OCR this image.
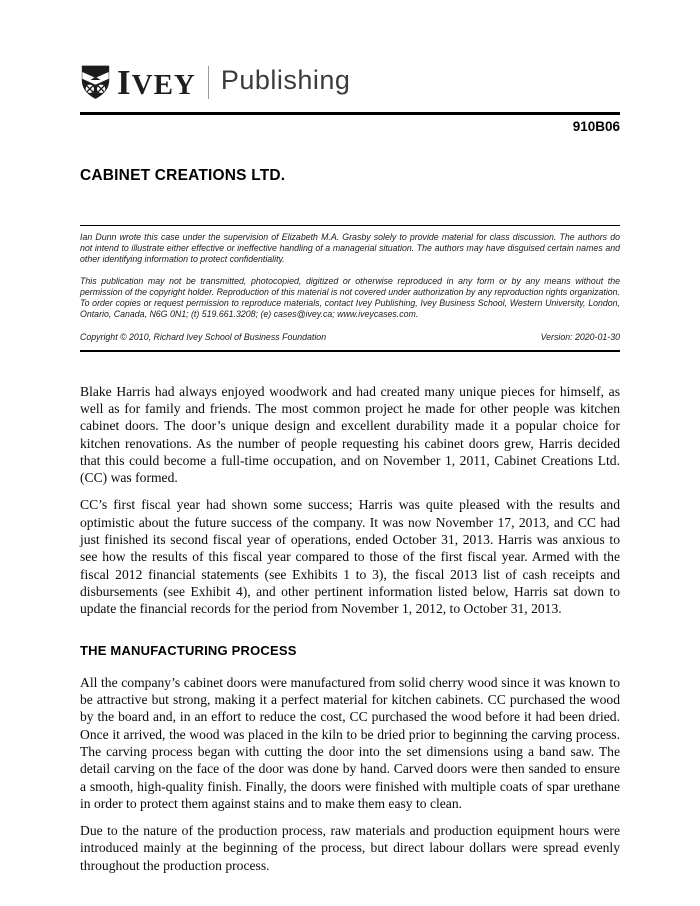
I VEY Publishing
910B06
CABINET CREATIONS LTD.

Ian Dunn wrote this case under the supervision of Elizabeth M.A. Grasby solely to provide material for class discussion. The authors do not intend to illustrate either effective or ineffective handling of a managerial situation. The authors may have disguised certain names and other identifying information to protect confidentiality.

This publication may not be transmitted, photocopied, digitized or otherwise reproduced in any form or by any means without the permission of the copyright holder. Reproduction of this material is not covered under authorization by any reproduction rights organization. To order copies or request permission to reproduce materials, contact Ivey Publishing, Ivey Business School, Western University, London, Ontario, Canada, N6G 0N1; (t) 519.661.3208; (e) cases@ivey.ca; www.iveycases.com.

Copyright © 2010, Richard Ivey School of Business Foundation	Version: 2020-01-30

Blake Harris had always enjoyed woodwork and had created many unique pieces for himself, as well as for family and friends. The most common project he made for other people was kitchen cabinet doors. The door’s unique design and excellent durability made it a popular choice for kitchen renovations. As the number of people requesting his cabinet doors grew, Harris decided that this could become a full-time occupation, and on November 1, 2011, Cabinet Creations Ltd. (CC) was formed.

CC’s first fiscal year had shown some success; Harris was quite pleased with the results and optimistic about the future success of the company. It was now November 17, 2013, and CC had just finished its second fiscal year of operations, ended October 31, 2013. Harris was anxious to see how the results of this fiscal year compared to those of the first fiscal year. Armed with the fiscal 2012 financial statements (see Exhibits 1 to 3), the fiscal 2013 list of cash receipts and disbursements (see Exhibit 4), and other pertinent information listed below, Harris sat down to update the financial records for the period from November 1, 2012, to October 31, 2013.

THE MANUFACTURING PROCESS

All the company’s cabinet doors were manufactured from solid cherry wood since it was known to be attractive but strong, making it a perfect material for kitchen cabinets. CC purchased the wood by the board and, in an effort to reduce the cost, CC purchased the wood before it had been dried. Once it arrived, the wood was placed in the kiln to be dried prior to beginning the carving process. The carving process began with cutting the door into the set dimensions using a band saw. The detail carving on the face of the door was done by hand. Carved doors were then sanded to ensure a smooth, high-quality finish. Finally, the doors were finished with multiple coats of spar urethane in order to protect them against stains and to make them easy to clean.

Due to the nature of the production process, raw materials and production equipment hours were introduced mainly at the beginning of the process, but direct labour dollars were spread evenly throughout the production process.
